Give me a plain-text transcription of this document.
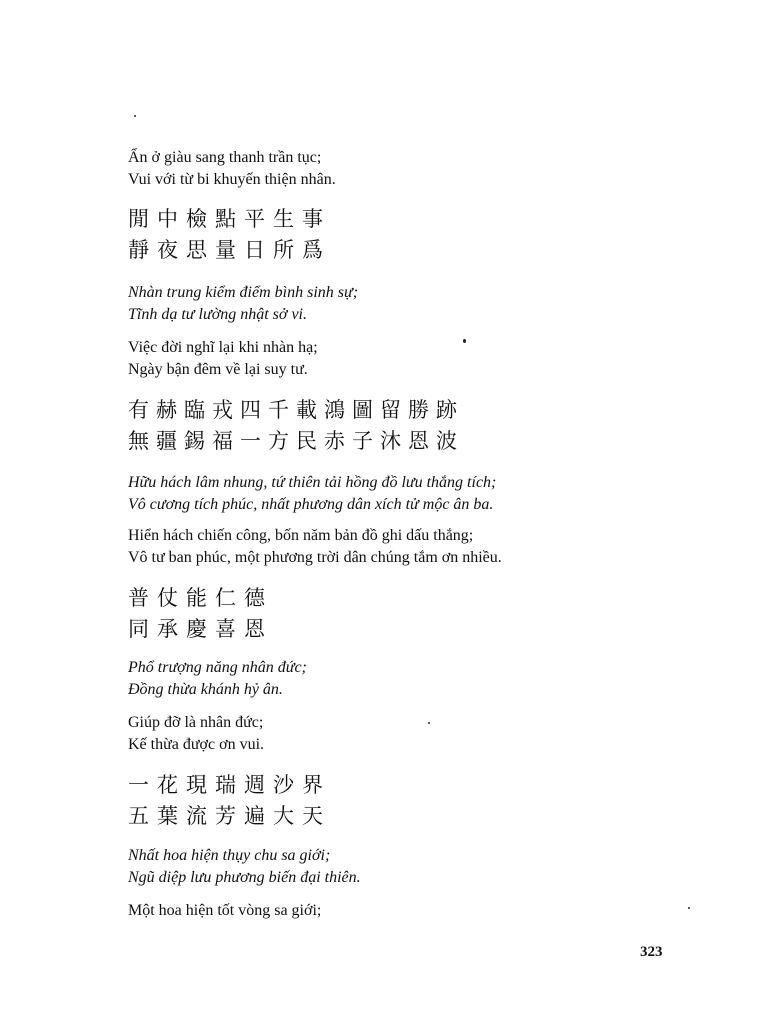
Ẩn ở giàu sang thanh trần tục;
Vui với từ bi khuyến thiện nhân.
閒中檢點平生事
靜夜思量日所爲
Nhàn trung kiểm điểm bình sinh sự;
Tĩnh dạ tư lường nhật sở vi.
Việc đời nghĩ lại khi nhàn hạ;
Ngày bận đêm về lại suy tư.
有赫臨戎四千載鴻圖留勝跡
無疆錫福一方民赤子沐恩波
Hữu hách lâm nhung, tứ thiên tải hồng đồ lưu thắng tích;
Vô cương tích phúc, nhất phương dân xích tử mộc ân ba.
Hiển hách chiến công, bốn năm bản đồ ghi dấu thắng;
Vô tư ban phúc, một phương trời dân chúng tắm ơn nhiều.
普仗能仁德
同承慶喜恩
Phổ trượng năng nhân đức;
Đồng thừa khánh hỷ ân.
Giúp đỡ là nhân đức;
Kế thừa được ơn vui.
一花現瑞週沙界
五葉流芳遍大天
Nhất hoa hiện thụy chu sa giới;
Ngũ diệp lưu phương biến đại thiên.
Một hoa hiện tốt vòng sa giới;
323
